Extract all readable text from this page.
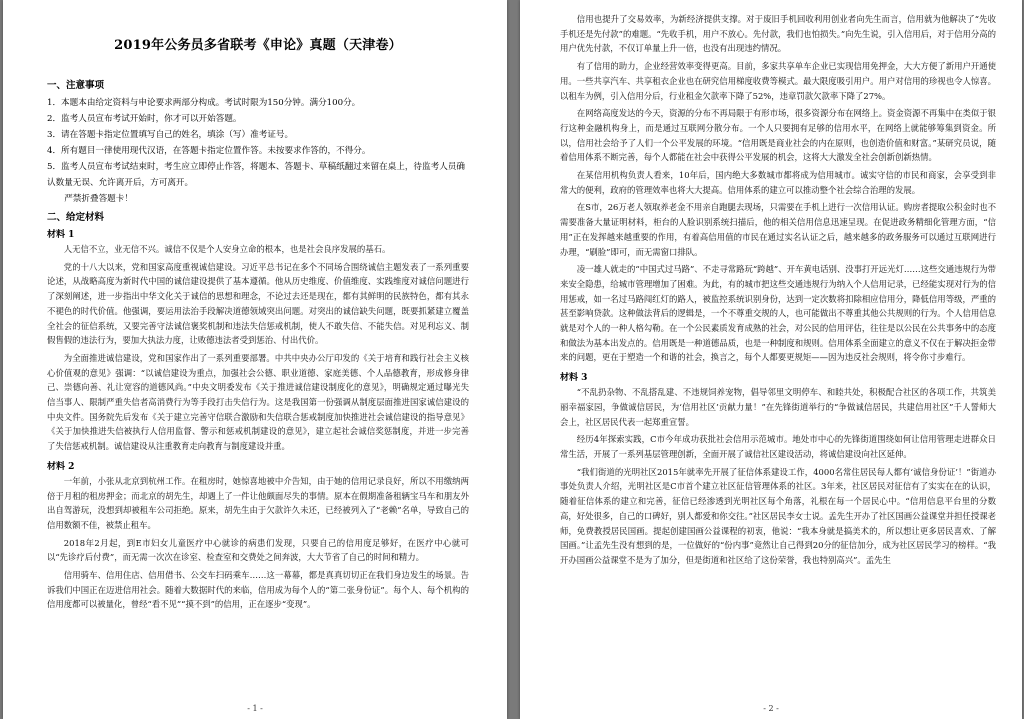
2019年公务员多省联考《申论》真题（天津卷）
一、注意事项
1．本题本由给定资料与申论要求两部分构成。考试时限为150分钟。满分100分。
2．监考人员宣布考试开始时，你才可以开始答题。
3．请在答题卡指定位置填写自己的姓名，填涂（写）准考证号。
4．所有题目一律使用现代汉语，在答题卡指定位置作答。未按要求作答的，不得分。
5．监考人员宣布考试结束时，考生应立即停止作答，将题本、答题卡、草稿纸翻过来留在桌上，待监考人员确认数量无误、允许离开后，方可离开。
严禁折叠答题卡！
二、给定材料
材料 1

人无信不立，业无信不兴。诚信不仅是个人安身立命的根本，也是社会良序发展的基石。

党的十八大以来，党和国家高度重视诚信建设。习近平总书记在多个不同场合围绕诚信主题发表了一系列重要论述，从战略高度为新时代中国的诚信建设提供了基本遵循。他从历史维度、价值维度、实践维度对诚信问题进行了深刻阐述，进一步指出中华文化关于诚信的思想和理念，不论过去还是现在，都有其鲜明的民族特色，都有其永不褪色的时代价值。他强调，要运用法治手段解决道德领域突出问题。对突出的诚信缺失问题，既要抓紧建立覆盖全社会的征信系统，又要完善守法诚信褒奖机制和违法失信惩戒机制，使人不敢失信、不能失信。对见利忘义、制假售假的违法行为，要加大执法力度，让败德违法者受到惩治、付出代价。

为全面推进诚信建设，党和国家作出了一系列重要部署。中共中央办公厅印发的《关于培育和践行社会主义核心价值观的意见》强调：“以诚信建设为重点，加强社会公德、职业道德、家庭美德、个人品德教育，形成修身律己、崇德向善、礼让宽容的道德风尚。”中央文明委发布《关于推进诚信建设制度化的意见》，明确规定通过曝光失信当事人、限制严重失信者高消费行为等手段打击失信行为。这是我国第一份强调从制度层面推进国家诚信建设的中央文件。国务院先后发布《关于建立完善守信联合激励和失信联合惩戒制度加快推进社会诚信建设的指导意见》《关于加快推进失信被执行人信用监督、警示和惩戒机制建设的意见》，建立起社会诚信奖惩制度，并进一步完善了失信惩戒机制。诚信建设从注重教育走向教育与制度建设并重。

材料 2

一年前，小张从北京到杭州工作。在租房时，她惊喜地被中介告知，由于她的信用记录良好，所以不用缴纳两倍于月租的租房押金；而北京的胡先生，却遇上了一件让他颇面尽失的事情。原本在假期准备租辆宝马车和朋友外出自驾游玩，没想到却被租车公司拒绝。原来，胡先生由于欠款许久未还，已经被列入了“老赖”名单，导致自己的信用数额不佳，被禁止租车。

2018年2月起，到E市妇女儿童医疗中心就诊的病患们发现，只要自己的信用度足够好，在医疗中心就可以“先诊疗后付费”，而无需一次次在诊室、检查室和交费处之间奔波，大大节省了自己的时间和精力。

信用骑车、信用住店、信用借书、公交车扫码乘车……这一幕幕，都是真真切切正在我们身边发生的场景。告诉我们中国正在迈进信用社会。随着大数据时代的来临，信用成为每个人的“第二张身份证”。每个人、每个机构的信用度都可以被量化，曾经“看不见”“摸不到”的信用，正在逐步“变现”。

- 1 -

信用也提升了交易效率，为新经济提供支撑。对于废旧手机回收利用创业者向先生而言，信用就为他解决了“先收手机还是先付款”的难题。“先收手机，用户不放心。先付款，我们也怕损失。”向先生说，引入信用后，对于信用分高的用户优先付款，不仅订单量上升一倍，也没有出现违约情况。

有了信用的助力，企业经营效率变得更高。目前，多家共享单车企业已实现信用免押金，大大方便了新用户开通使用。一些共享汽车、共享租衣企业也在研究信用梯度收费等模式。最大限度吸引用户。用户对信用的珍视也令人惊喜。以租车为例，引入信用分后，行业租金欠款率下降了52%，违章罚款欠款率下降了27%。

在网络高度发达的今天，资源的分布不再局限于有形市场，很多资源分布在网络上。资金资源不再集中在类似于银行这种金融机构身上，而是通过互联网分散分布。一个人只要拥有足够的信用水平，在网络上就能够筹集到资金。所以，信用社会给予了人们一个公平发展的环境。“信用既是商业社会的内在原则，也创造价值和财富。”某研究员说，随着信用体系不断完善，每个人都能在社会中获得公平发展的机会，这将大大激发全社会创新创新热情。

在某信用机构负责人看来，10年后，国内绝大多数城市都将成为信用城市。诚实守信的市民和商家，会享受到非常大的便利，政府的管理效率也将大大提高。信用体系的建立可以推动整个社会综合治理的发展。

在S市，26万老人领取养老金不用亲自跑腿去现场，只需要在手机上进行一次信用认证。购房者提取公积金时也不需要准备大量证明材料，柜台的人脸识别系统扫描后，他的相关信用信息迅速呈现。在促进政务精细化管理方面，“信用”正在发挥越来越重要的作用，有着高信用值的市民在通过实名认证之后，越来越多的政务服务可以通过互联网进行办理，“刷脸”即可，而无需窗口排队。

凌一雄人就走的“中国式过马路”、不走寻常路玩“跨越”、开车黄电话别、没事打开远光灯……这些交通违规行为带来安全隐患，给城市管理增加了困难。为此，有的城市把这些交通违规行为纳入个人信用记录，已经能实现对行为的信用惩戒，如一名过马路闯红灯的路人，被监控系统识别身份，达到一定次数将扣除相应信用分，降低信用等级，严重的甚至影响贷款。这种做法背后的逻辑是，一个不尊重交规的人，也可能做出不尊重其他公共规则的行为。个人信用信息就是对个人的一种人格勾勒。在一个公民素质发育成熟的社会，对公民的信用评估，往往是以公民在公共事务中的态度和做法为基本出发点的。信用既是一种道德品质，也是一种制度和规则。信用体系全面建立的意义不仅在于解决拒金带来的问题，更在于塑造一个和谐的社会，换言之，每个人都要更规矩——因为违反社会规则，将令你寸步难行。

材料 3

“不乱扔杂物、不乱搭乱建、不违规饲养宠物，倡导邻里文明停车、和睦共处，积极配合社区的各项工作，共筑美丽幸福家园，争做诚信居民，为‘信用社区’贡献力量！”在先锋街道举行的“争做诚信居民，共建信用社区”千人誓师大会上，社区居民代表一起郑重宣誓。

经历4年探索实践，C市今年成功获批社会信用示范城市。地处市中心的先锋街道围绕如何让信用管理走进群众日常生活，开展了一系列基层管理创新，全面开展了诚信社区建设活动，将诚信建设向社区延伸。

“我们街道的光明社区2015年就率先开展了征信体系建设工作，4000名常住居民每人都有‘诚信身份证’！”街道办事处负责人介绍，光明社区是C市首个建立社区征信管理体系的社区。3年来，社区居民对征信有了实实在在的认识，随着征信体系的建立和完善，征信已经渗透到光明社区每个角落，礼根在每一个居民心中。“信用信息平台里的分数高，好处很多，自己的口碑好，别人都爱和你交往。”社区居民李女士说。孟先生开办了社区国画公益课堂并担任授课老师，免费教授居民国画。提起创建国画公益课程的初衷，他说：“我本身就是搞美术的，所以想让更多居民喜欢、了解国画。”让孟先生没有想到的是，一位做好的“份内事”竟然让自己得到20分的征信加分，成为社区居民学习的榜样。“我开办国画公益课堂不是为了加分，但是街道和社区给了这份荣誉，我也特别高兴”。孟先生

- 2 -
